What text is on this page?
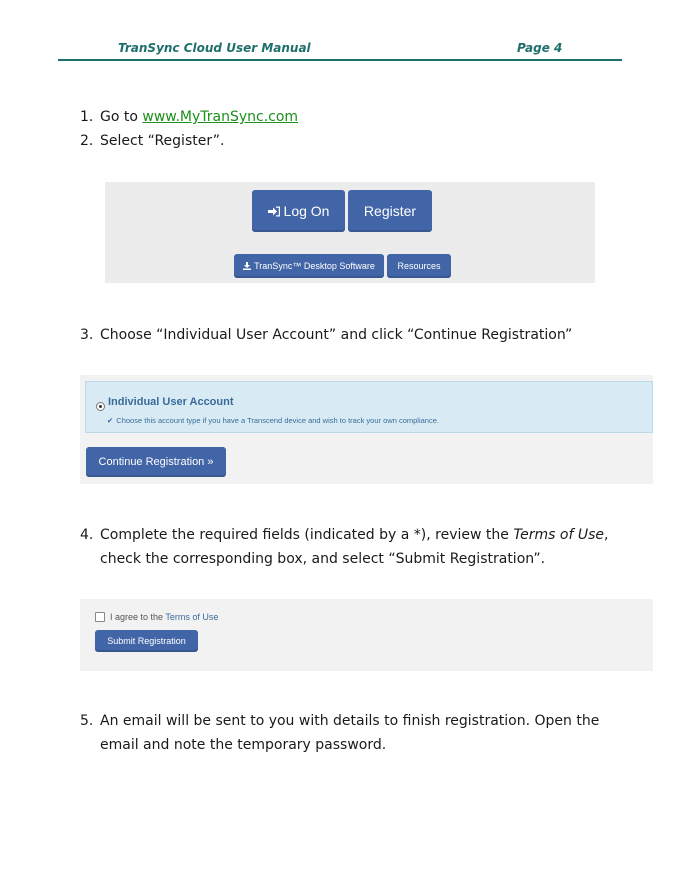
TranSync Cloud User Manual	Page 4
1. Go to www.MyTranSync.com
2. Select “Register”.
Log On Register
TranSync™ Desktop Software	Resources
3. Choose “Individual User Account” and click “Continue Registration”
Individual User Account
✔ Choose this account type if you have a Transcend device and wish to track your own compliance.
Continue Registration »
4. Complete the required fields (indicated by a *), review the Terms of Use, check the corresponding box, and select “Submit Registration”.
I agree to the Terms of Use
Submit Registration
5. An email will be sent to you with details to finish registration. Open the email and note the temporary password.
